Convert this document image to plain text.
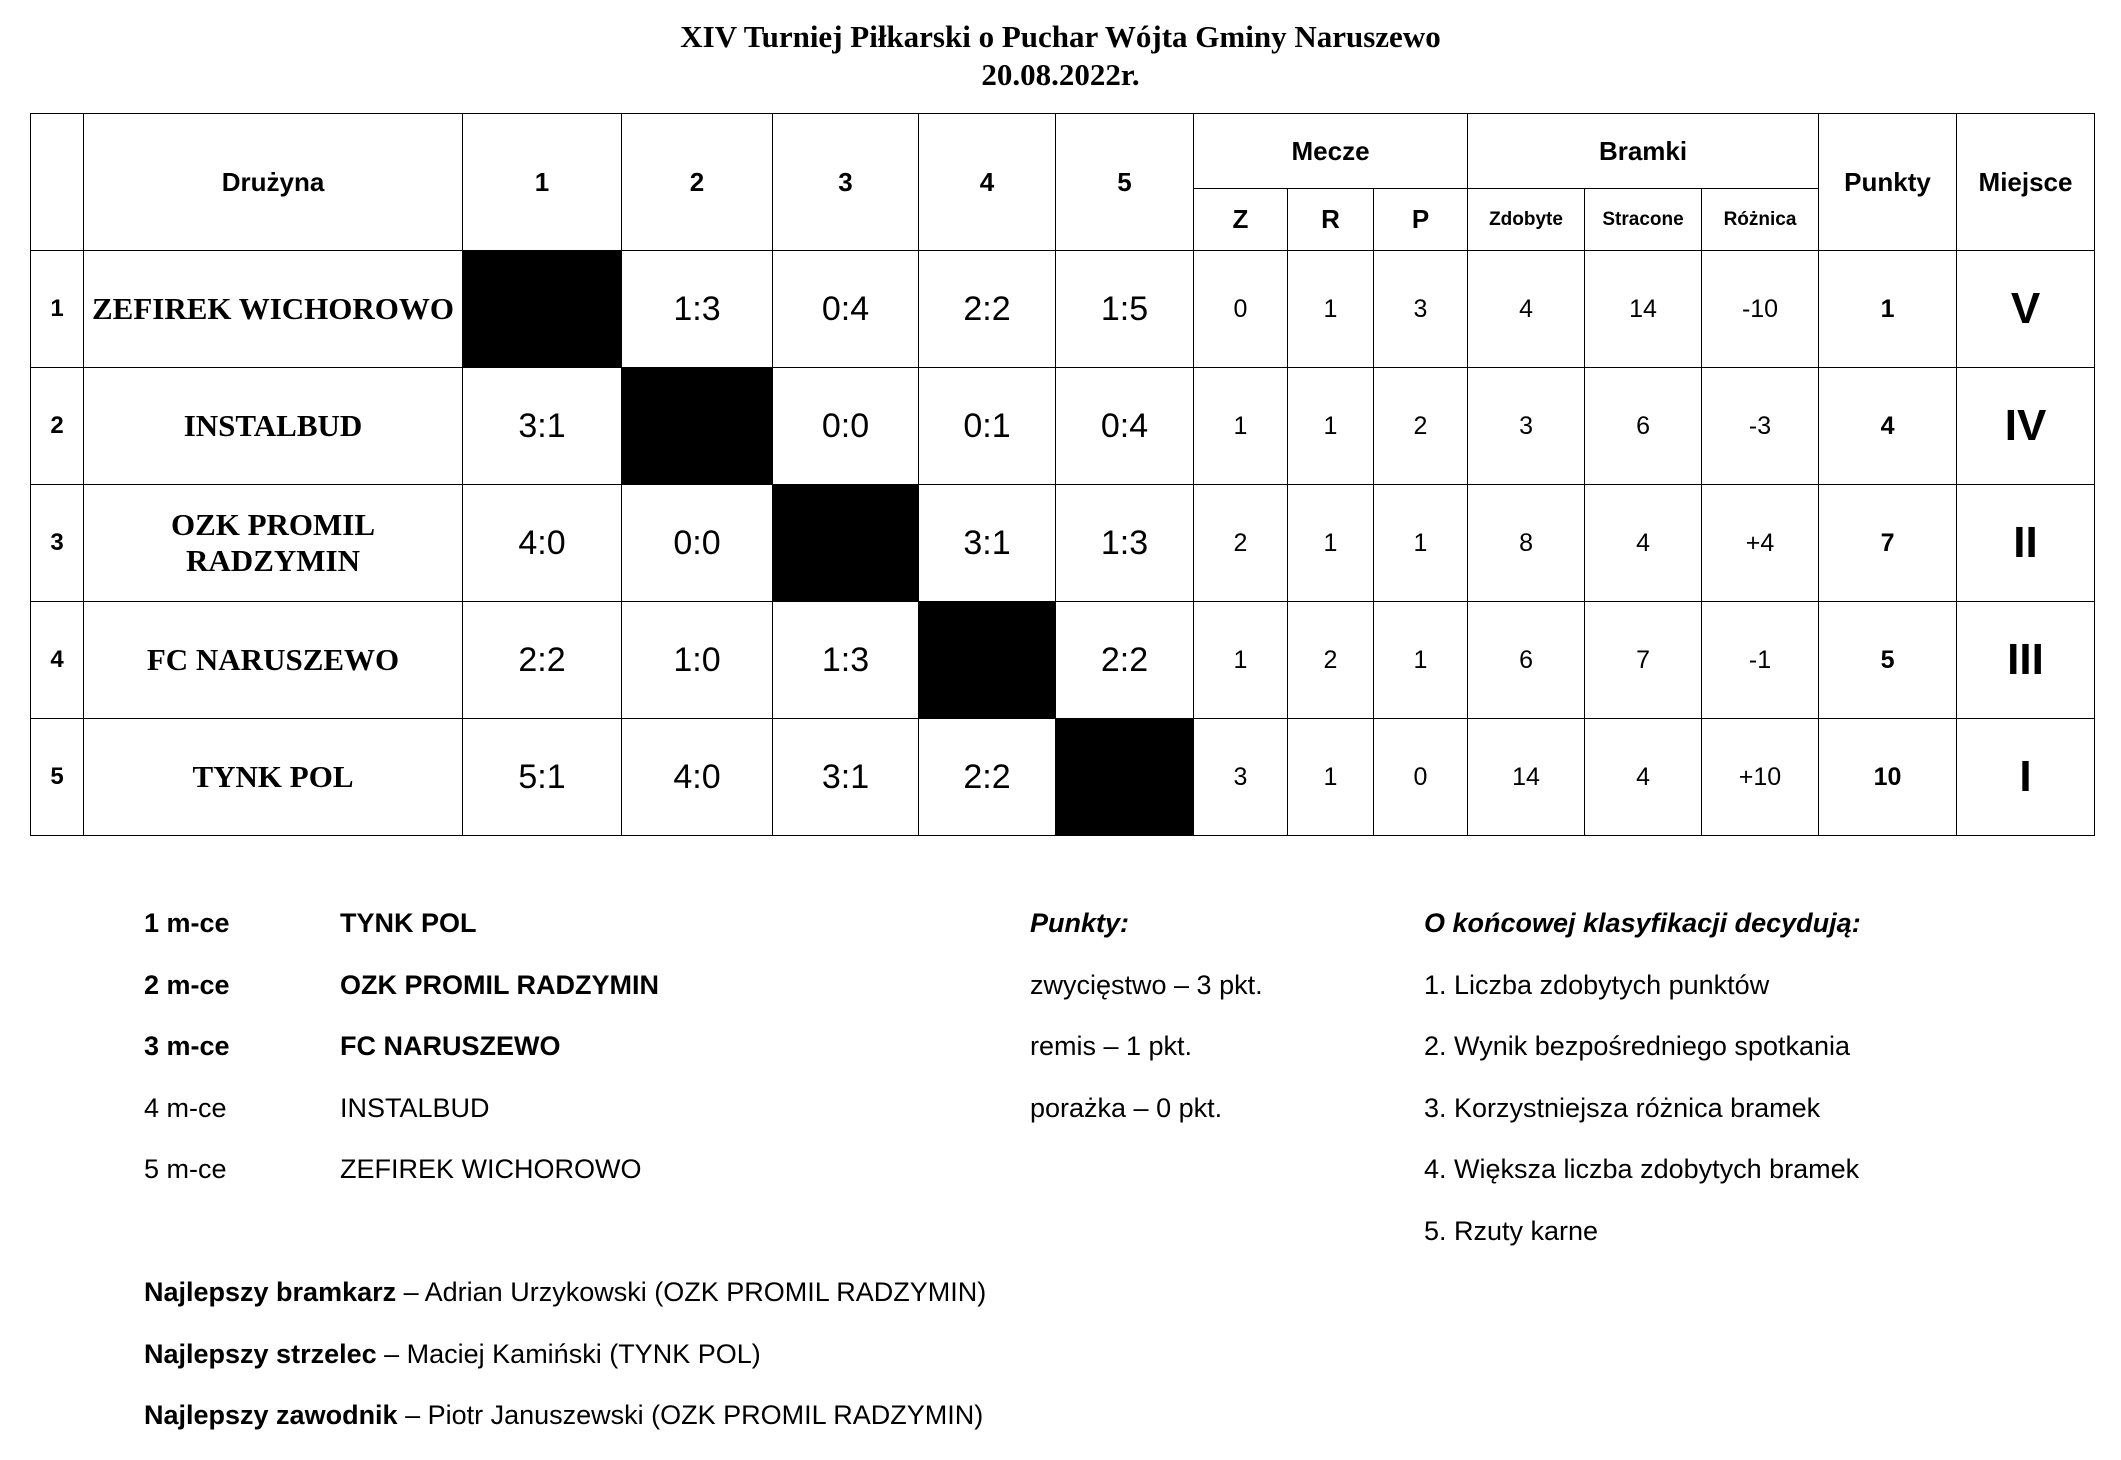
XIV Turniej Piłkarski o Puchar Wójta Gminy Naruszewo
20.08.2022r.
	Drużyna	1	2	3	4	5	Mecze			Bramki			Punkty	Miejsce
							Z	R	P	Zdobyte	Stracone	Różnica		
1	ZEFIREK WICHOROWO		1:3	0:4	2:2	1:5	0	1	3	4	14	-10	1	V
2	INSTALBUD	3:1		0:0	0:1	0:4	1	1	2	3	6	-3	4	IV
3	OZK PROMIL RADZYMIN	4:0	0:0		3:1	1:3	2	1	1	8	4	+4	7	II
4	FC NARUSZEWO	2:2	1:0	1:3		2:2	1	2	1	6	7	-1	5	III
5	TYNK POL	5:1	4:0	3:1	2:2		3	1	0	14	4	+10	10	I
1 m-ce	TYNK POL
2 m-ce	OZK PROMIL RADZYMIN
3 m-ce	FC NARUSZEWO
4 m-ce	INSTALBUD
5 m-ce	ZEFIREK WICHOROWO
Punkty:
zwycięstwo – 3 pkt.
remis – 1 pkt.
porażka – 0 pkt.
O końcowej klasyfikacji decydują:
1. Liczba zdobytych punktów
2. Wynik bezpośredniego spotkania
3. Korzystniejsza różnica bramek
4. Większa liczba zdobytych bramek
5. Rzuty karne
Najlepszy bramkarz – Adrian Urzykowski (OZK PROMIL RADZYMIN)
Najlepszy strzelec – Maciej Kamiński (TYNK POL)
Najlepszy zawodnik – Piotr Januszewski (OZK PROMIL RADZYMIN)
